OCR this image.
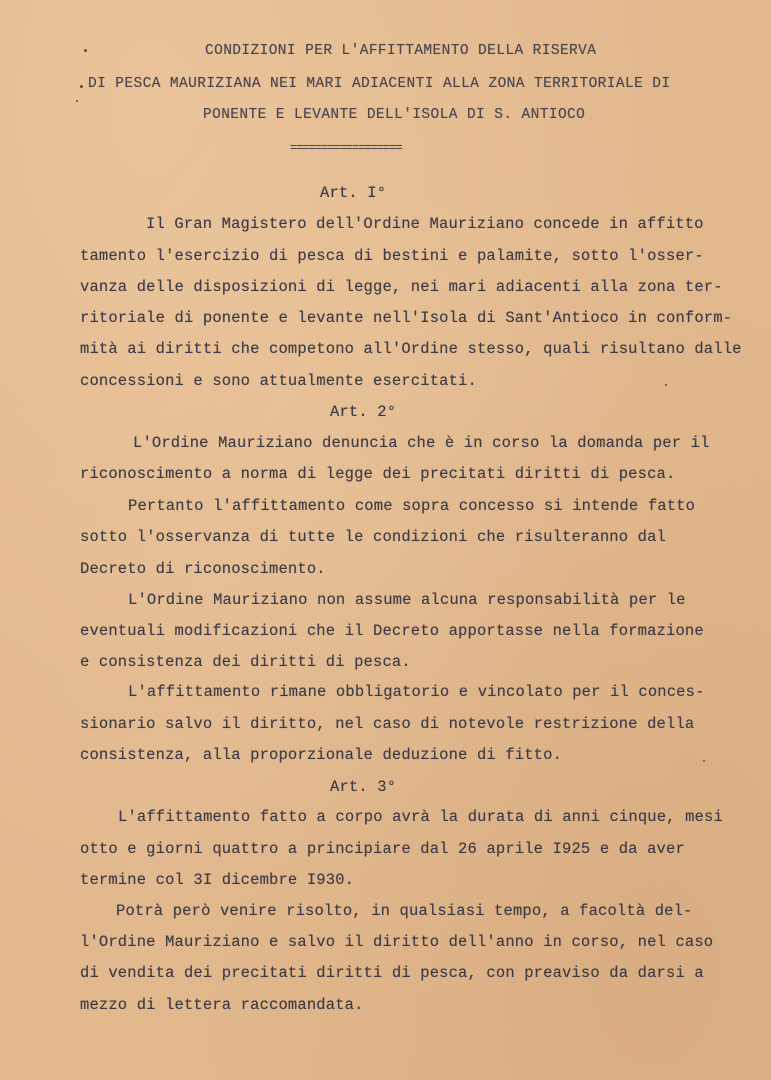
CONDIZIONI PER L'AFFITTAMENTO DELLA RISERVA
DI PESCA MAURIZIANA NEI MARI ADIACENTI ALLA ZONA TERRITORIALE DI
PONENTE E LEVANTE DELL'ISOLA DI S. ANTIOCO
==================
Art. I°
Il Gran Magistero dell'Ordine Mauriziano concede in affitto
tamento l'esercizio di pesca di bestini e palamite, sotto l'osser-
vanza delle disposizioni di legge, nei mari adiacenti alla zona ter-
ritoriale di ponente e levante nell'Isola di Sant'Antioco in conform-
mità ai diritti che competono all'Ordine stesso, quali risultano dalle
concessioni e sono attualmente esercitati.
Art. 2°
L'Ordine Mauriziano denuncia che è in corso la domanda per il
riconoscimento a norma di legge dei precitati diritti di pesca.
Pertanto l'affittamento come sopra concesso si intende fatto
sotto l'osservanza di tutte le condizioni che risulteranno dal
Decreto di riconoscimento.
L'Ordine Mauriziano non assume alcuna responsabilità per le
eventuali modificazioni che il Decreto apportasse nella formazione
e consistenza dei diritti di pesca.
L'affittamento rimane obbligatorio e vincolato per il conces-
sionario salvo il diritto, nel caso di notevole restrizione della
consistenza, alla proporzionale deduzione di fitto.
Art. 3°
L'affittamento fatto a corpo avrà la durata di anni cinque, mesi
otto e giorni quattro a principiare dal 26 aprile I925 e da aver
termine col 3I dicembre I930.
Potrà però venire risolto, in qualsiasi tempo, a facoltà del-
l'Ordine Mauriziano e salvo il diritto dell'anno in corso, nel caso
di vendita dei precitati diritti di pesca, con preaviso da darsi a
mezzo di lettera raccomandata.
